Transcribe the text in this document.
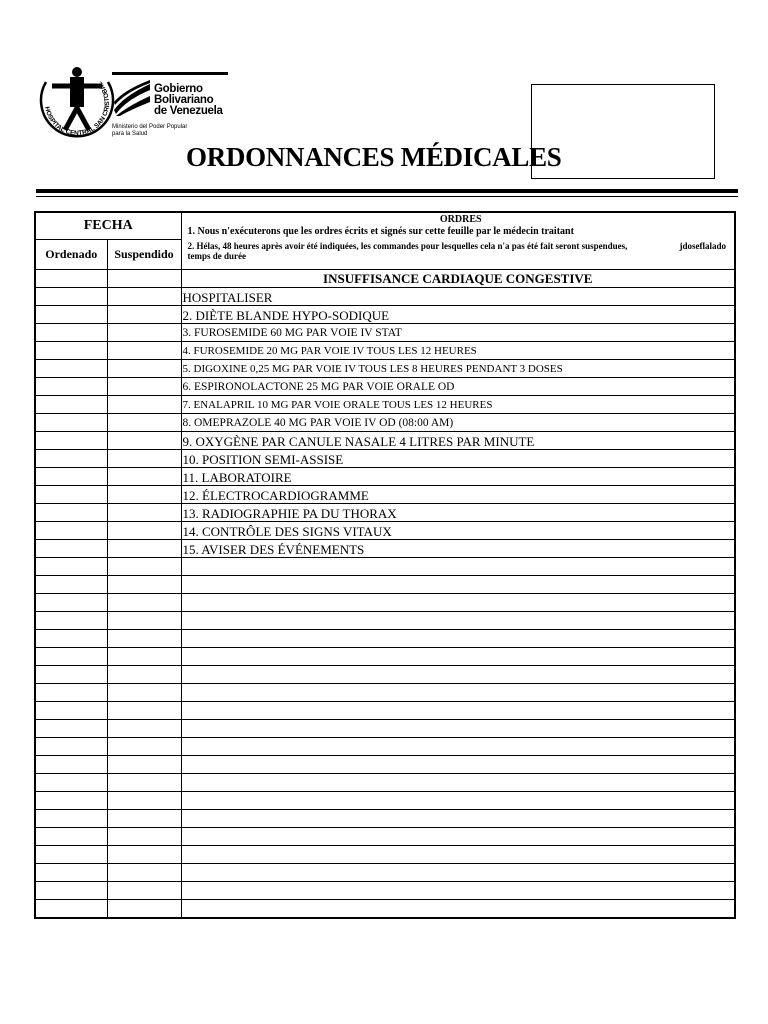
HOSPITAL CENTRAL SAN CRISTOBAL	Gobierno
Bolivariano
de Venezuela
Ministerio del Poder Popular
para la Salud
ORDONNANCES MÉDICALES
FECHA		ORDRES
1. Nous n'exécuterons que les ordres écrits et signés sur cette feuille par le médecin traitant
2. Hélas, 48 heures après avoir été indiquées, les commandes pour lesquelles cela n'a pas été fait seront suspendues,
temps de durée
jdoseflalado

Ordenado	Suspendido	
		INSUFFISANCE CARDIAQUE CONGESTIVE
		HOSPITALISER
		2. DIÈTE BLANDE HYPO-SODIQUE
		3. FUROSEMIDE 60 MG PAR VOIE IV STAT
		4. FUROSEMIDE 20 MG PAR VOIE IV TOUS LES 12 HEURES
		5. DIGOXINE 0,25 MG PAR VOIE IV TOUS LES 8 HEURES PENDANT 3 DOSES
		6. ESPIRONOLACTONE 25 MG PAR VOIE ORALE OD
		7. ENALAPRIL 10 MG PAR VOIE ORALE TOUS LES 12 HEURES
		8. OMEPRAZOLE 40 MG PAR VOIE IV OD (08:00 AM)
		9. OXYGÈNE PAR CANULE NASALE 4 LITRES PAR MINUTE
		10. POSITION SEMI-ASSISE
		11. LABORATOIRE
		12. ÉLECTROCARDIOGRAMME
		13. RADIOGRAPHIE PA DU THORAX
		14. CONTRÔLE DES SIGNS VITAUX
		15. AVISER DES ÉVÉNEMENTS
